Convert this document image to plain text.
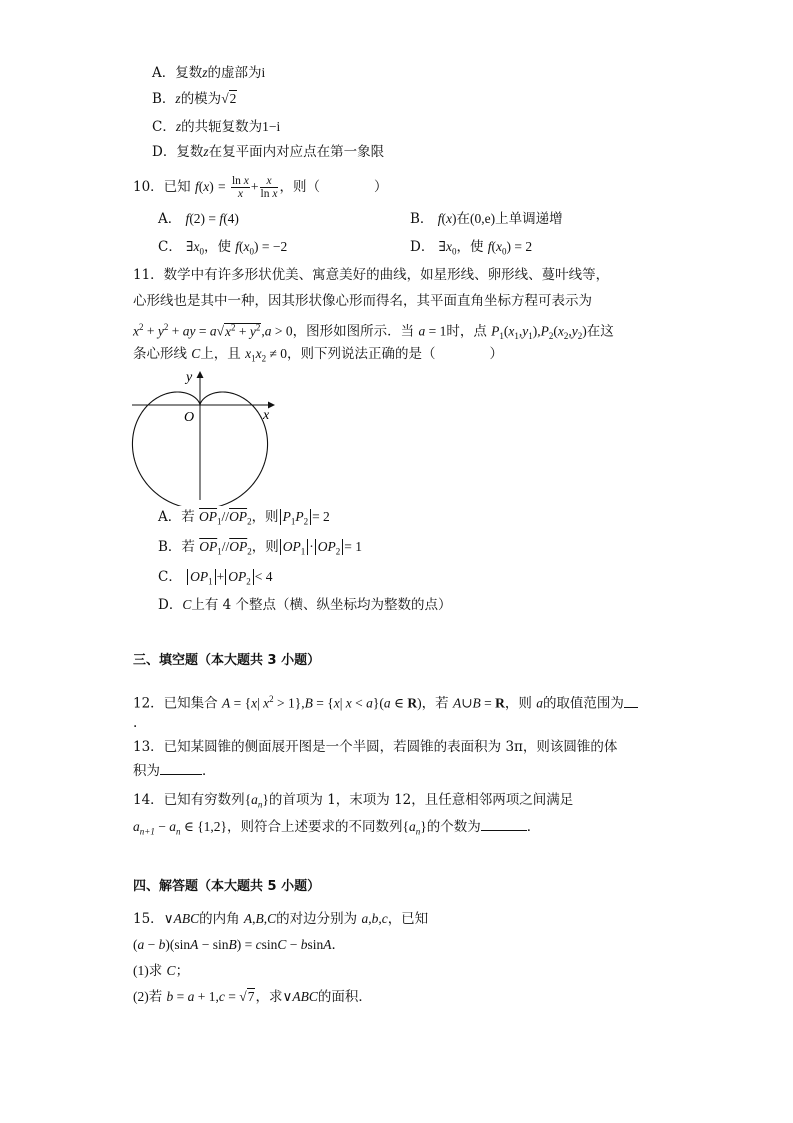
A．复数z的虚部为i
B．z的模为√2
C．z的共轭复数为1−i
D．复数z在复平面内对应点在第一象限
10．已知 $f(x) = \frac{\text{ln x}}{x} + \frac{x}{\text{ln x}}$ ，则（　　　　）
A． f(2) = f(4)	B． f(x)在(0,e)上单调递增
C． $\exists x_0$，使 $f(x_0) = -2$	D． $\exists x_0$，使 $f(x_0) = 2$
11．数学中有许多形状优美、寓意美好的曲线，如星形线、卵形线、蔓叶线等，
心形线也是其中一种，因其形状像心形而得名，其平面直角坐标方程可表示为
$x^2 + y^2$ + ay = $a√x^2 + y^2,a > 0$，图形如图所示．当 a = 1时，点 $P_1(x_1,y_1),P_2(x_2,y_2)$在这
条心形线 C上，且 $x_1x_2 \ne 0$，则下列说法正确的是（　　　　）
y
x
O
A．若 $\overline{OP}_1//\overline{OP}_2$，则 $P_1P_2 = 2$
B．若 $\overline{OP}_1//\overline{OP}_2$，则 $OP_1 \cdot OP_2 = 1$
C． $OP_1 + OP_2 < 4$
D．C上有 4 个整点（横、纵坐标均为整数的点）
三、填空题（本大题共 3 小题）
12．已知集合 A = {x| $x^2 > 1\},B = \{x|$ x < a}(a ∈ R)，若 A∪B = R，则 a的取值范围为
.
13．已知某圆锥的侧面展开图是一个半圆，若圆锥的表面积为 3π，则该圆锥的体
积为	．
14．已知有穷数列$\{a_n\}$的首项为 1，末项为 12，且任意相邻两项之间满足
$a_{n+1} - a_n$ ∈ {1,2}，则符合上述要求的不同数列$\{a_n\}$的个数为	．
四、解答题（本大题共 5 小题）
15．∨ABC的内角 A,B,C的对边分别为 a,b,c，已知
(a − b)(sinA − sinB) = csinC − bsinA．
(1)求 C；
(2)若 b = a + 1,c = √7，求∨ABC的面积．
